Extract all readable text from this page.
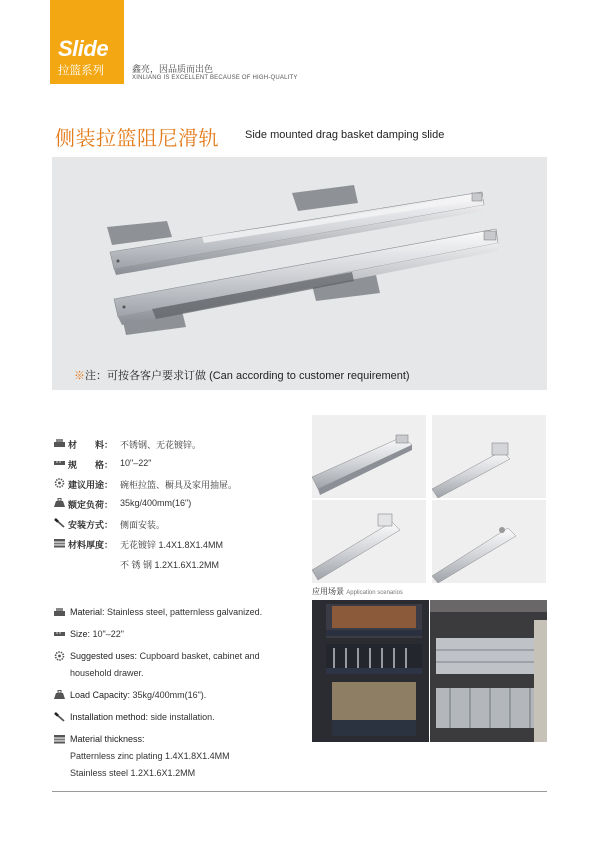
Slide
拉篮系列	鑫亮，因品质而出色
XINLIANG IS EXCELLENT BECAUSE OF HIGH-QUALITY
侧装拉篮阻尼滑轨 Side mounted drag basket damping slide
※注：可按各客户要求订做 (Can according to customer requirement)
材　　料： 不锈钢、无花镀锌。
规　　格： 10"–22"
建议用途： 碗柜拉篮、橱具及家用抽屉。
额定负荷： 35kg/400mm(16")
安装方式： 侧面安装。
材料厚度： 无花镀锌 1.4X1.8X1.4MM
不 锈 钢 1.2X1.6X1.2MM
Material: Stainless steel, patternless galvanized.
Size: 10"–22"
Suggested uses: Cupboard basket, cabinet and
household drawer.
Load Capacity: 35kg/400mm(16").
Installation method: side installation.
Material thickness:
Patternless zinc plating 1.4X1.8X1.4MM
Stainless steel 1.2X1.6X1.2MM
应用场景 Application scenarios
